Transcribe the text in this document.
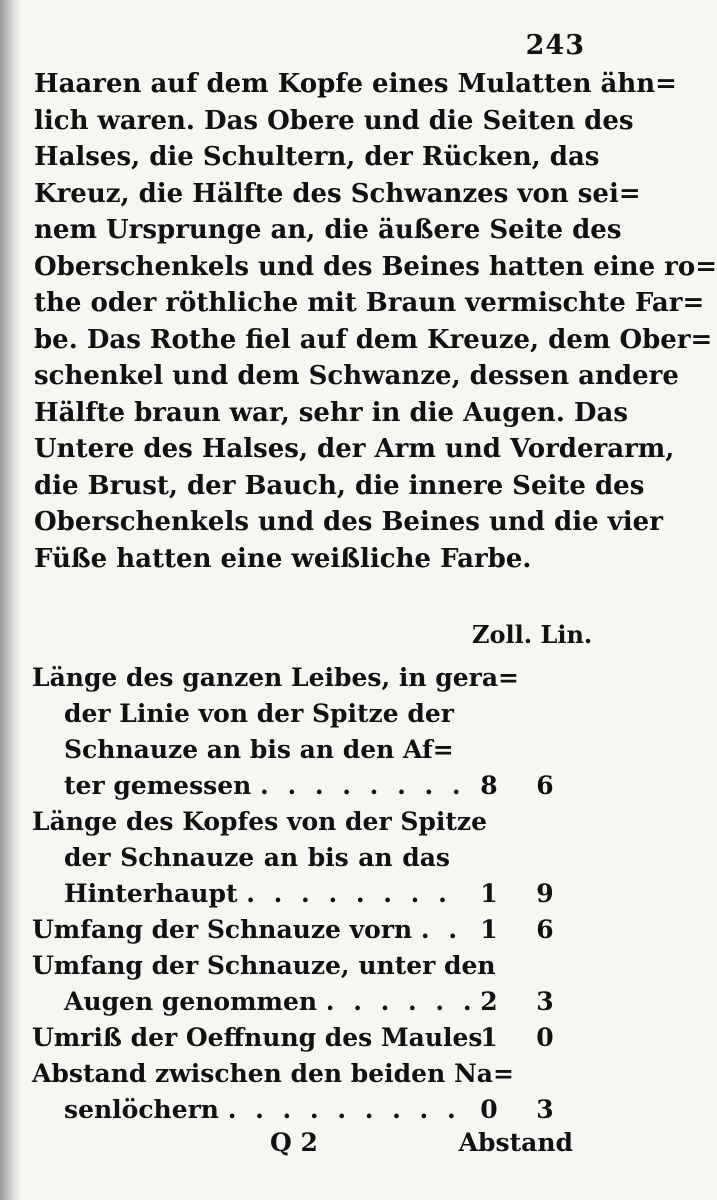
243
Haaren auf dem Kopfe eines Mulatten ähn=
lich waren. Das Obere und die Seiten des
Halses, die Schultern, der Rücken, das
Kreuz, die Hälfte des Schwanzes von sei=
nem Ursprunge an, die äußere Seite des
Oberschenkels und des Beines hatten eine ro=
the oder röthliche mit Braun vermischte Far=
be. Das Rothe fiel auf dem Kreuze, dem Ober=
schenkel und dem Schwanze, dessen andere
Hälfte braun war, sehr in die Augen. Das
Untere des Halses, der Arm und Vorderarm,
die Brust, der Bauch, die innere Seite des
Oberschenkels und des Beines und die vier
Füße hatten eine weißliche Farbe.
Zoll. Lin.
Länge des ganzen Leibes, in gera=
der Linie von der Spitze der
Schnauze an bis an den Af=
ter gemessen . . . . . . . . 8 6
Länge des Kopfes von der Spitze
der Schnauze an bis an das
Hinterhaupt . . . . . . . . 1 9
Umfang der Schnauze vorn . . 1 6
Umfang der Schnauze, unter den
Augen genommen . . . . . . 2 3
Umriß der Oeffnung des Maules
1 0
Abstand zwischen den beiden Na=
senlöchern . . . . . . . . . 0 3
Q 2	Abstand
